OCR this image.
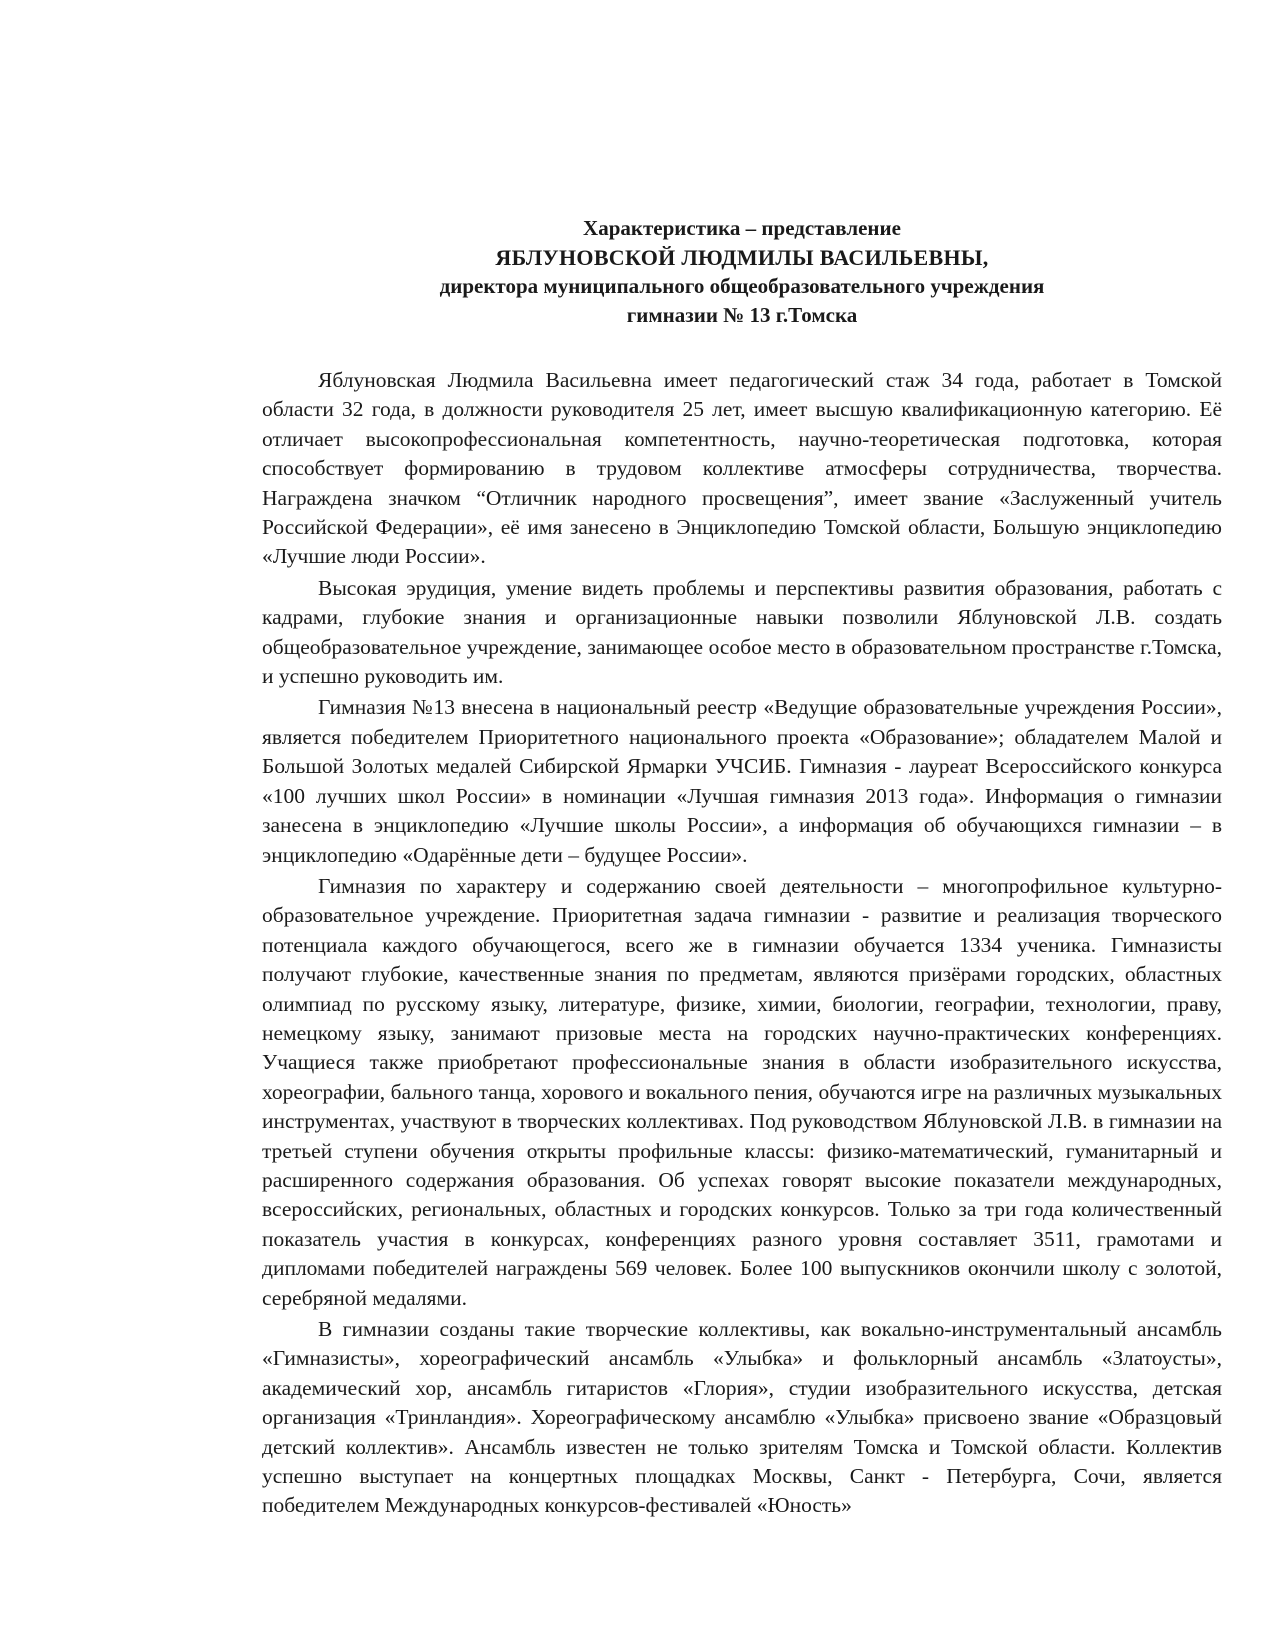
Характеристика – представление
ЯБЛУНОВСКОЙ ЛЮДМИЛЫ ВАСИЛЬЕВНЫ,
директора муниципального общеобразовательного учреждения
гимназии № 13 г.Томска

Яблуновская Людмила Васильевна имеет педагогический стаж 34 года, работает в Томской области 32 года, в должности руководителя 25 лет, имеет высшую квалификационную категорию. Её отличает высокопрофессиональная компетентность, научно-теоретическая подготовка, которая способствует формированию в трудовом коллективе атмосферы сотрудничества, творчества. Награждена значком “Отличник народного просвещения”, имеет звание «Заслуженный учитель Российской Федерации», её имя занесено в Энциклопедию Томской области, Большую энциклопедию «Лучшие люди России».

Высокая эрудиция, умение видеть проблемы и перспективы развития образования, работать с кадрами, глубокие знания и организационные навыки позволили Яблуновской Л.В. создать общеобразовательное учреждение, занимающее особое место в образовательном пространстве г.Томска, и успешно руководить им.

Гимназия №13 внесена в национальный реестр «Ведущие образовательные учреждения России», является победителем Приоритетного национального проекта «Образование»; обладателем Малой и Большой Золотых медалей Сибирской Ярмарки УЧСИБ. Гимназия - лауреат Всероссийского конкурса «100 лучших школ России» в номинации «Лучшая гимназия 2013 года». Информация о гимназии занесена в энциклопедию «Лучшие школы России», а информация об обучающихся гимназии – в энциклопедию «Одарённые дети – будущее России».

Гимназия по характеру и содержанию своей деятельности – многопрофильное культурно-образовательное учреждение. Приоритетная задача гимназии - развитие и реализация творческого потенциала каждого обучающегося, всего же в гимназии обучается 1334 ученика. Гимназисты получают глубокие, качественные знания по предметам, являются призёрами городских, областных олимпиад по русскому языку, литературе, физике, химии, биологии, географии, технологии, праву, немецкому языку, занимают призовые места на городских научно-практических конференциях. Учащиеся также приобретают профессиональные знания в области изобразительного искусства, хореографии, бального танца, хорового и вокального пения, обучаются игре на различных музыкальных инструментах, участвуют в творческих коллективах. Под руководством Яблуновской Л.В. в гимназии на третьей ступени обучения открыты профильные классы: физико-математический, гуманитарный и расширенного содержания образования. Об успехах говорят высокие показатели международных, всероссийских, региональных, областных и городских конкурсов. Только за три года количественный показатель участия в конкурсах, конференциях разного уровня составляет 3511, грамотами и дипломами победителей награждены 569 человек. Более 100 выпускников окончили школу с золотой, серебряной медалями.

В гимназии созданы такие творческие коллективы, как вокально-инструментальный ансамбль «Гимназисты», хореографический ансамбль «Улыбка» и фольклорный ансамбль «Златоусты», академический хор, ансамбль гитаристов «Глория», студии изобразительного искусства, детская организация «Тринландия». Хореографическому ансамблю «Улыбка» присвоено звание «Образцовый детский коллектив». Ансамбль известен не только зрителям Томска и Томской области. Коллектив успешно выступает на концертных площадках Москвы, Санкт - Петербурга, Сочи, является победителем Международных конкурсов-фестивалей «Юность»
